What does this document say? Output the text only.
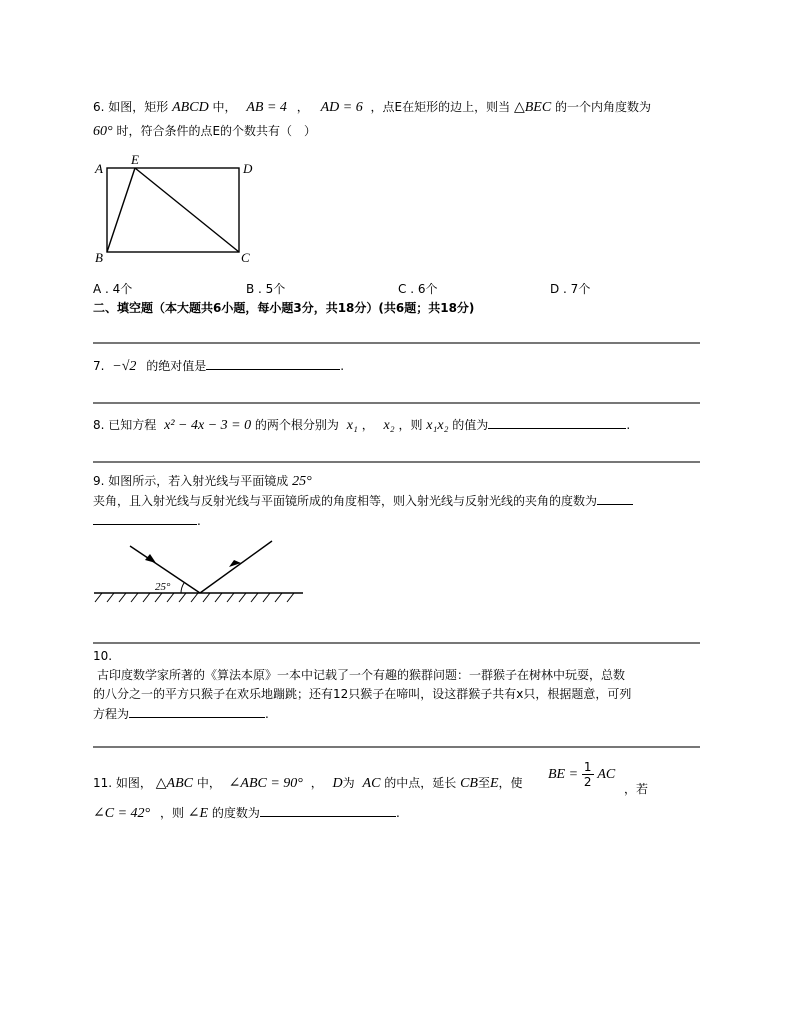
6. 如图，矩形 ABCD 中， AB = 4 ， AD = 6 ，点E在矩形的边上，则当 △BEC 的一个内角度数为
60° 时，符合条件的点E的个数共有（　）
A
E
D
B	C
A . 4个	B . 5个	C . 6个	D . 7个
二、填空题（本大题共6小题，每小题3分，共18分）(共6题；共18分)
7. −√2 的绝对值是	.
8. 已知方程 x² − 4x − 3 = 0 的两个根分别为 x₁ ， x₂ ，则 x₁x₂ 的值为	.
9. 如图所示，若入射光线与平面镜成 25°
夹角，且入射光线与反射光线与平面镜所成的角度相等，则入射光线与反射光线的夹角的度数为
.
25°
10.
古印度数学家所著的《算法本原》一本中记载了一个有趣的猴群问题：一群猴子在树林中玩耍，总数
的八分之一的平方只猴子在欢乐地蹦跳；还有12只猴子在啼叫，设这群猴子共有x只，根据题意，可列
方程为	.
11. 如图， △ABC 中， ∠ABC = 90° ， D为 AC 的中点，延长 CB至E，使
BE = $\frac{1}{2}$ AC
，若
∠C = 42° ，则 ∠E 的度数为	.
